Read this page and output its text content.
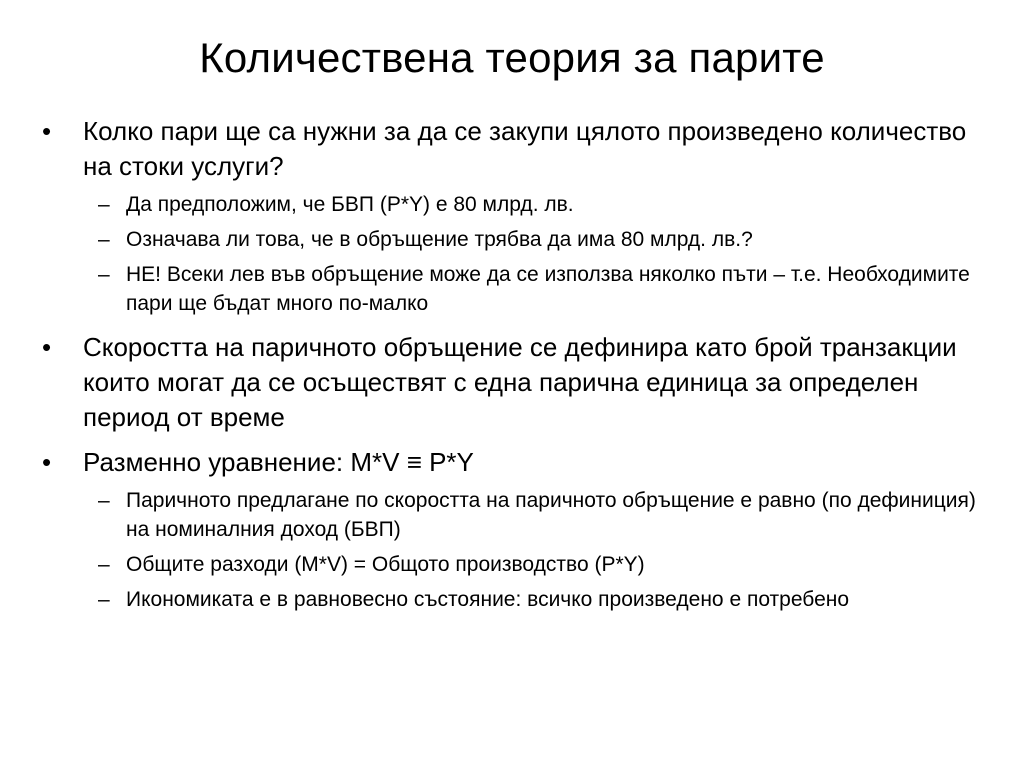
Количествена теория за парите
• Колко пари ще са нужни за да се закупи цялото произведено количество на стоки услуги?
– Да предположим, че БВП (P*Y) е 80 млрд. лв.
– Означава ли това, че в обръщение трябва да има 80 млрд. лв.?
– НЕ! Всеки лев във обръщение може да се използва няколко пъти – т.е. Необходимите пари ще бъдат много по-малко
• Скоростта на паричното обръщение се дефинира като брой транзакции които могат да се осъществят с една парична единица за определен период от време
• Разменно уравнение: M*V ≡ P*Y
– Паричното предлагане по скоростта на паричното обръщение е равно (по дефиниция) на номиналния доход (БВП)
– Общите разходи (M*V) = Общото производство (P*Y)
– Икономиката е в равновесно състояние: всичко произведено е потребено
